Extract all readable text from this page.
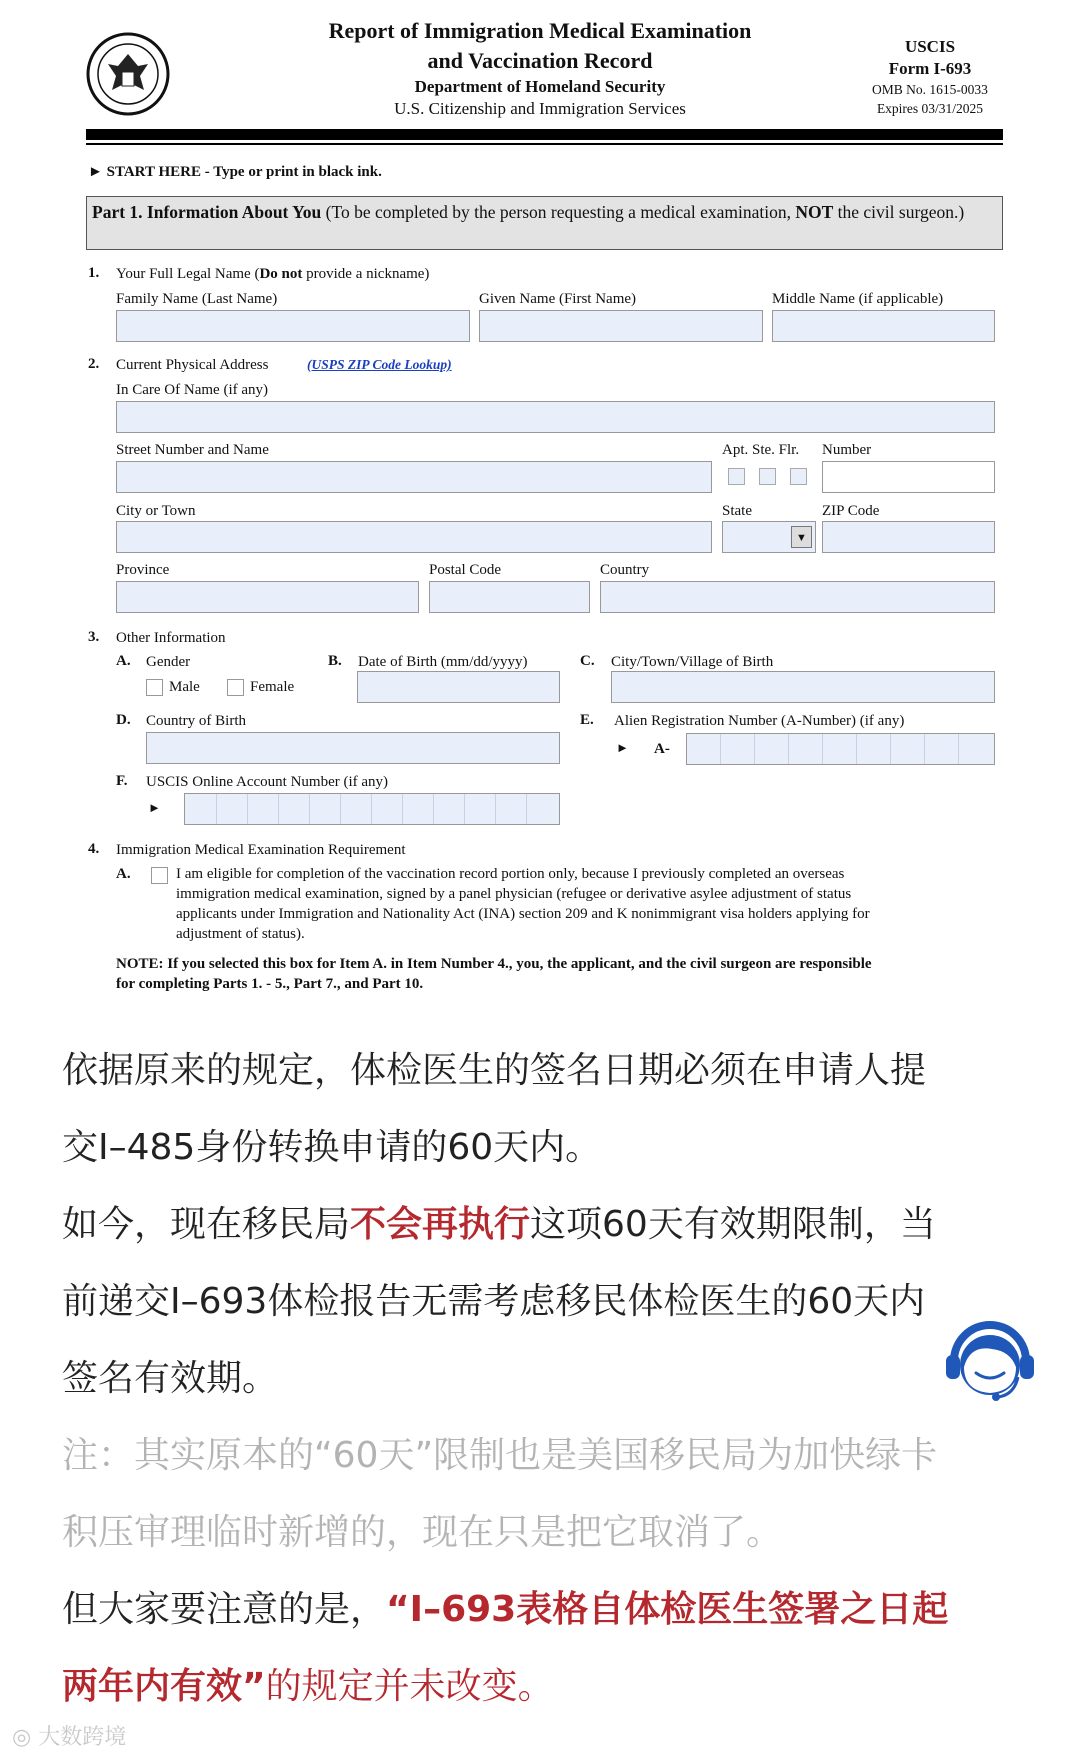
Report of Immigration Medical Examination
and Vaccination Record
Department of Homeland Security
U.S. Citizenship and Immigration Services
USCIS
Form I-693
OMB No. 1615-0033
Expires 03/31/2025
► START HERE - Type or print in black ink.
Part 1. Information About You (To be completed by the person requesting a medical examination, NOT the civil surgeon.)
1. Your Full Legal Name (Do not provide a nickname)
Family Name (Last Name)	Given Name (First Name)	Middle Name (if applicable)
2. Current Physical Address	(USPS ZIP Code Lookup)
In Care Of Name (if any)
Street Number and Name	Apt. Ste. Flr. Number
City or Town	State	ZIP Code
▼
Province	Postal Code	Country
3. Other Information
A. Gender
Male	Female
B. Date of Birth (mm/dd/yyyy)	C. City/Town/Village of Birth
D. Country of Birth	E. Alien Registration Number (A-Number) (if any)
► A-
F. USCIS Online Account Number (if any)
►
4. Immigration Medical Examination Requirement
A.	I am eligible for completion of the vaccination record portion only, because I previously completed an overseas
immigration medical examination, signed by a panel physician (refugee or derivative asylee adjustment of status
applicants under Immigration and Nationality Act (INA) section 209 and K nonimmigrant visa holders applying for
adjustment of status).
NOTE: If you selected this box for Item A. in Item Number 4., you, the applicant, and the civil surgeon are responsible
for completing Parts 1. - 5., Part 7., and Part 10.
依据原来的规定，体检医生的签名日期必须在申请人提
交I–485身份转换申请的60天内。
如今，现在移民局不会再执行这项60天有效期限制，当
前递交I–693体检报告无需考虑移民体检医生的60天内
签名有效期。
注：其实原本的“60天”限制也是美国移民局为加快绿卡
积压审理临时新增的，现在只是把它取消了。
但大家要注意的是，“I–693表格自体检医生签署之日起
两年内有效”的规定并未改变。
◎ 大数跨境
